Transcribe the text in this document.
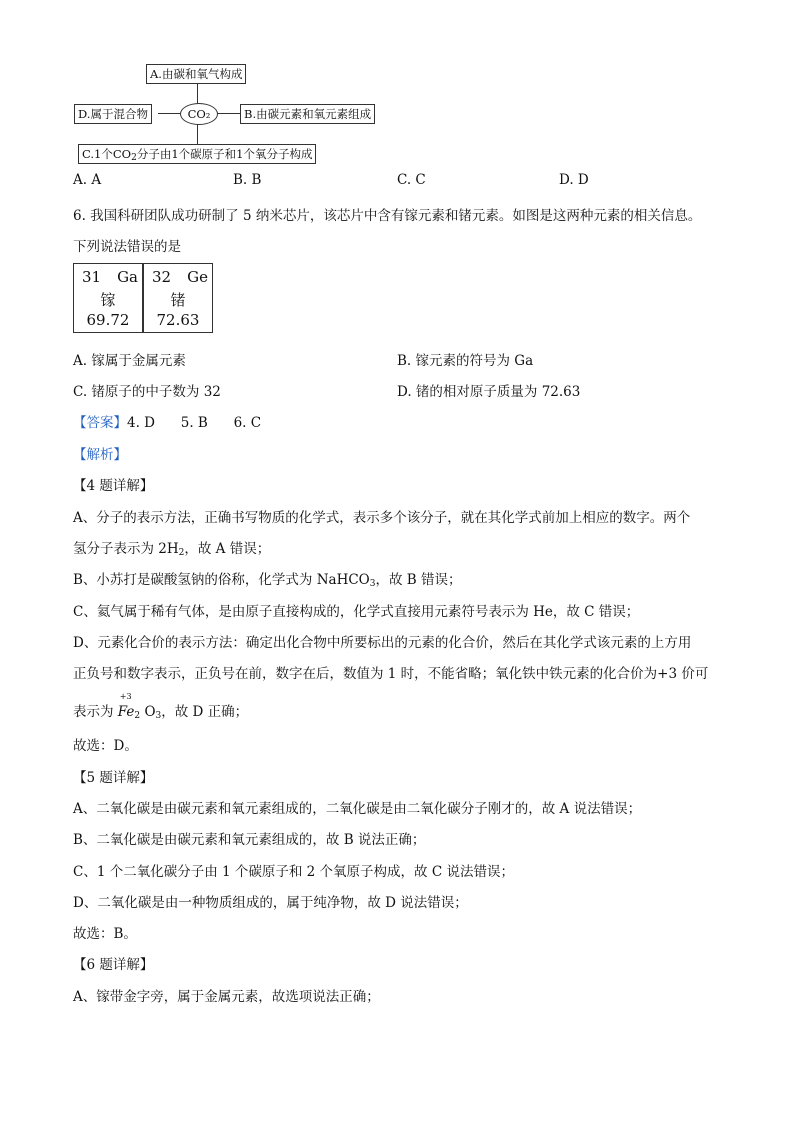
A.由碳和氧气构成
D.属于混合物	B.由碳元素和氧元素组成
C.1个$CO_2$分子由1个碳原子和1个氧分子构成
CO₂
A. A	B. B	C. C	D. D
6. 我国科研团队成功研制了 5 纳米芯片，该芯片中含有镓元素和锗元素。如图是这两种元素的相关信息。
下列说法错误的是
31 Ga
镓
69.72

32 Ge
锗
72.63
A. 镓属于金属元素	B. 镓元素的符号为 Ga
C. 锗原子的中子数为 32	D. 锗的相对原子质量为 72.63
【答案】4. D      5. B      6. C
【解析】
【4 题详解】
A、分子的表示方法，正确书写物质的化学式，表示多个该分子，就在其化学式前加上相应的数字。两个
氢分子表示为 $2H_2$，故 A 错误；
B、小苏打是碳酸氢钠的俗称，化学式为 NaHCO$_3$，故 B 错误；
C、氦气属于稀有气体，是由原子直接构成的，化学式直接用元素符号表示为 He，故 C 错误；
D、元素化合价的表示方法：确定出化合物中所要标出的元素的化合价，然后在其化学式该元素的上方用
正负号和数字表示，正负号在前，数字在后，数值为 1 时，不能省略；氧化铁中铁元素的化合价为+3 价可
表示为
+3
$Fe_2$ $O_3$，故 D 正确；
故选：D。
【5 题详解】
A、二氧化碳是由碳元素和氧元素组成的，二氧化碳是由二氧化碳分子刚才的，故 A 说法错误；
B、二氧化碳是由碳元素和氧元素组成的，故 B 说法正确；
C、1 个二氧化碳分子由 1 个碳原子和 2 个氧原子构成，故 C 说法错误；
D、二氧化碳是由一种物质组成的，属于纯净物，故 D 说法错误；
故选：B。
【6 题详解】
A、镓带金字旁，属于金属元素，故选项说法正确；
